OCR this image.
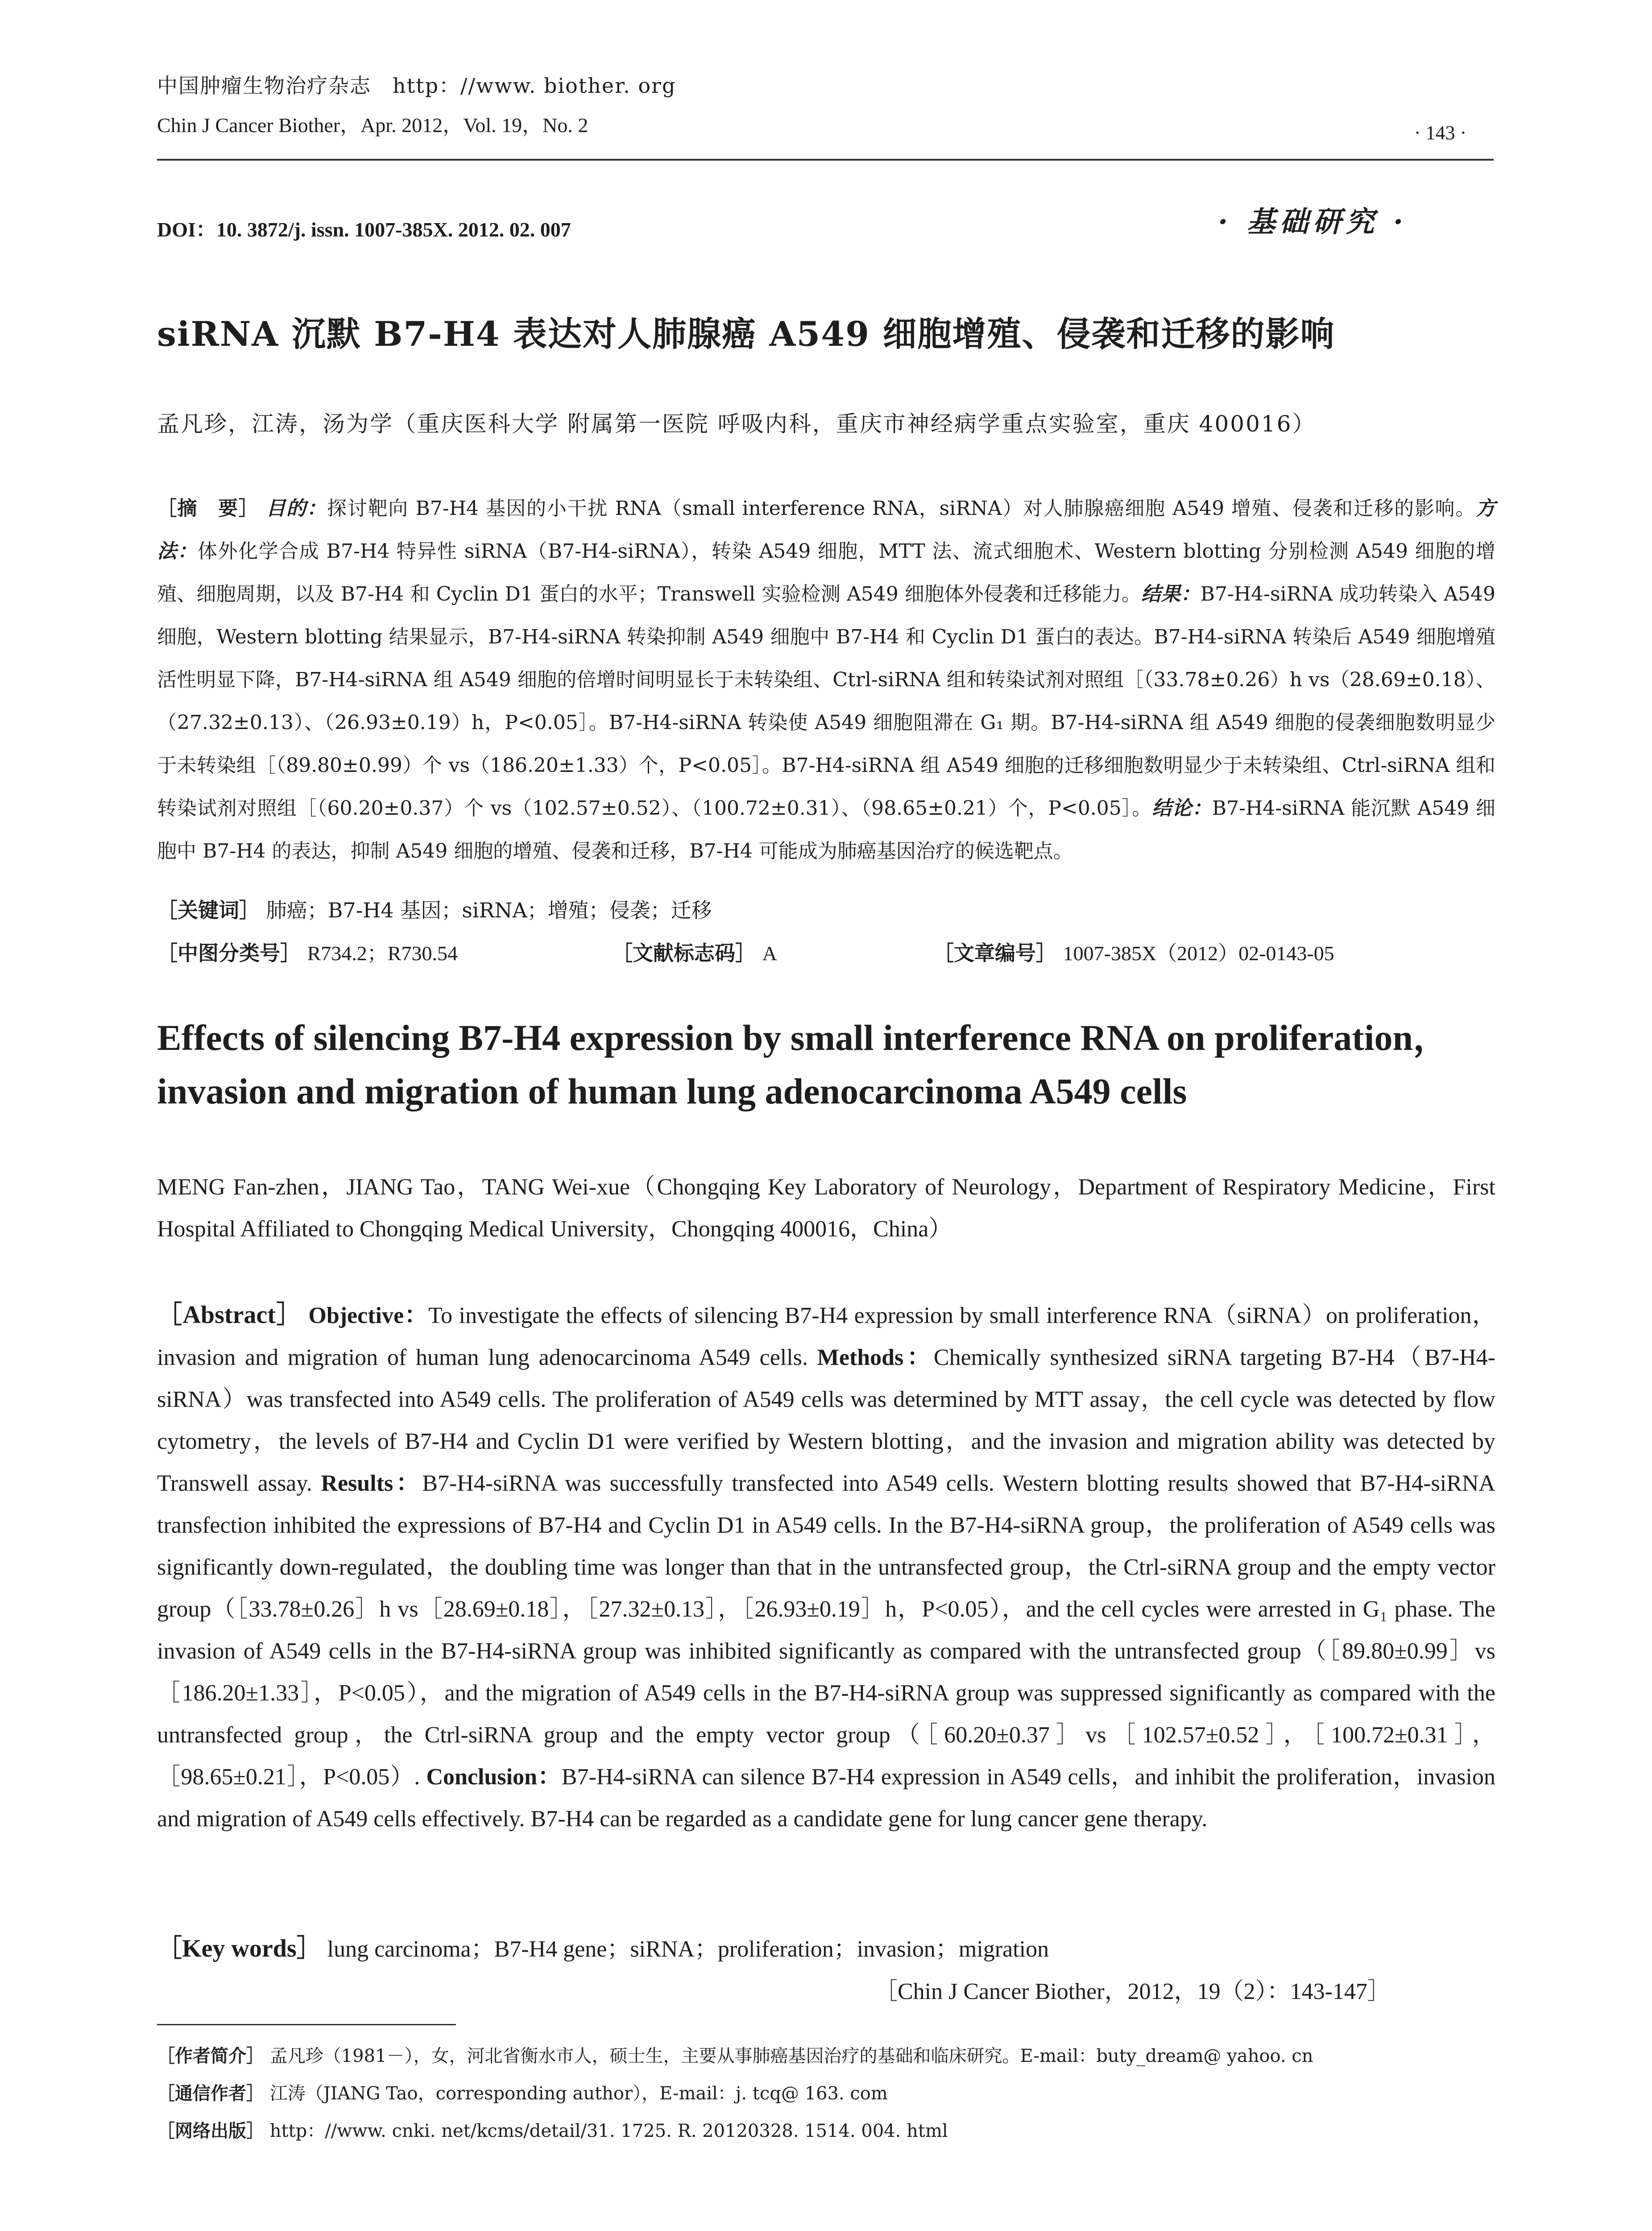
中国肿瘤生物治疗杂志　http：//www. biother. org
Chin J Cancer Biother，Apr. 2012，Vol. 19，No. 2	· 143 ·
DOI：10. 3872/j. issn. 1007-385X. 2012. 02. 007	· 基础研究 ·
siRNA 沉默 B7-H4 表达对人肺腺癌 A549 细胞增殖、侵袭和迁移的影响
孟凡珍，江涛，汤为学（重庆医科大学 附属第一医院 呼吸内科，重庆市神经病学重点实验室，重庆 400016）
［摘　要］ 目的：探讨靶向 B7-H4 基因的小干扰 RNA（small interference RNA，siRNA）对人肺腺癌细胞 A549 增殖、侵袭和迁移的影响。方法：体外化学合成 B7-H4 特异性 siRNA（B7-H4-siRNA），转染 A549 细胞，MTT 法、流式细胞术、Western blotting 分别检测 A549 细胞的增殖、细胞周期，以及 B7-H4 和 Cyclin D1 蛋白的水平；Transwell 实验检测 A549 细胞体外侵袭和迁移能力。结果：B7-H4-siRNA 成功转染入 A549 细胞，Western blotting 结果显示，B7-H4-siRNA 转染抑制 A549 细胞中 B7-H4 和 Cyclin D1 蛋白的表达。B7-H4-siRNA 转染后 A549 细胞增殖活性明显下降，B7-H4-siRNA 组 A549 细胞的倍增时间明显长于未转染组、Ctrl-siRNA 组和转染试剂对照组［（33.78±0.26）h vs（28.69±0.18）、（27.32±0.13）、（26.93±0.19）h，P<0.05］。B7-H4-siRNA 转染使 A549 细胞阻滞在 G₁ 期。B7-H4-siRNA 组 A549 细胞的侵袭细胞数明显少于未转染组［（89.80±0.99）个 vs（186.20±1.33）个，P<0.05］。B7-H4-siRNA 组 A549 细胞的迁移细胞数明显少于未转染组、Ctrl-siRNA 组和转染试剂对照组［（60.20±0.37）个 vs（102.57±0.52）、（100.72±0.31）、（98.65±0.21）个，P<0.05］。结论：B7-H4-siRNA 能沉默 A549 细胞中 B7-H4 的表达，抑制 A549 细胞的增殖、侵袭和迁移，B7-H4 可能成为肺癌基因治疗的候选靶点。
［关键词］ 肺癌；B7-H4 基因；siRNA；增殖；侵袭；迁移
［中图分类号］ R734.2；R730.54	［文献标志码］ A	［文章编号］ 1007-385X（2012）02-0143-05
Effects of silencing B7-H4 expression by small interference RNA on proliferation，invasion and migration of human lung adenocarcinoma A549 cells
MENG Fan-zhen，JIANG Tao，TANG Wei-xue（Chongqing Key Laboratory of Neurology，Department of Respiratory Medicine，First Hospital Affiliated to Chongqing Medical University，Chongqing 400016，China）
［Abstract］ Objective：To investigate the effects of silencing B7-H4 expression by small interference RNA（siRNA）on proliferation，invasion and migration of human lung adenocarcinoma A549 cells. Methods：Chemically synthesized siRNA targeting B7-H4（B7-H4-siRNA）was transfected into A549 cells. The proliferation of A549 cells was determined by MTT assay，the cell cycle was detected by flow cytometry，the levels of B7-H4 and Cyclin D1 were verified by Western blotting，and the invasion and migration ability was detected by Transwell assay. Results：B7-H4-siRNA was successfully transfected into A549 cells. Western blotting results showed that B7-H4-siRNA transfection inhibited the expressions of B7-H4 and Cyclin D1 in A549 cells. In the B7-H4-siRNA group，the proliferation of A549 cells was significantly down-regulated，the doubling time was longer than that in the untransfected group，the Ctrl-siRNA group and the empty vector group（［33.78±0.26］h vs［28.69±0.18］，［27.32±0.13］，［26.93±0.19］h，P<0.05），and the cell cycles were arrested in G₁ phase. The invasion of A549 cells in the B7-H4-siRNA group was inhibited significantly as compared with the untransfected group（［89.80±0.99］vs［186.20±1.33］，P<0.05），and the migration of A549 cells in the B7-H4-siRNA group was suppressed significantly as compared with the untransfected group，the Ctrl-siRNA group and the empty vector group（［60.20±0.37］vs［102.57±0.52］，［100.72±0.31］，［98.65±0.21］，P<0.05）. Conclusion：B7-H4-siRNA can silence B7-H4 expression in A549 cells，and inhibit the proliferation，invasion and migration of A549 cells effectively. B7-H4 can be regarded as a candidate gene for lung cancer gene therapy.
［Key words］ lung carcinoma；B7-H4 gene；siRNA；proliferation；invasion；migration
［Chin J Cancer Biother，2012，19（2）：143-147］
［作者简介］ 孟凡珍（1981－），女，河北省衡水市人，硕士生，主要从事肺癌基因治疗的基础和临床研究。E-mail：buty_dream@ yahoo. cn
［通信作者］ 江涛（JIANG Tao，corresponding author），E-mail：j. tcq@ 163. com
［网络出版］ http：//www. cnki. net/kcms/detail/31. 1725. R. 20120328. 1514. 004. html
